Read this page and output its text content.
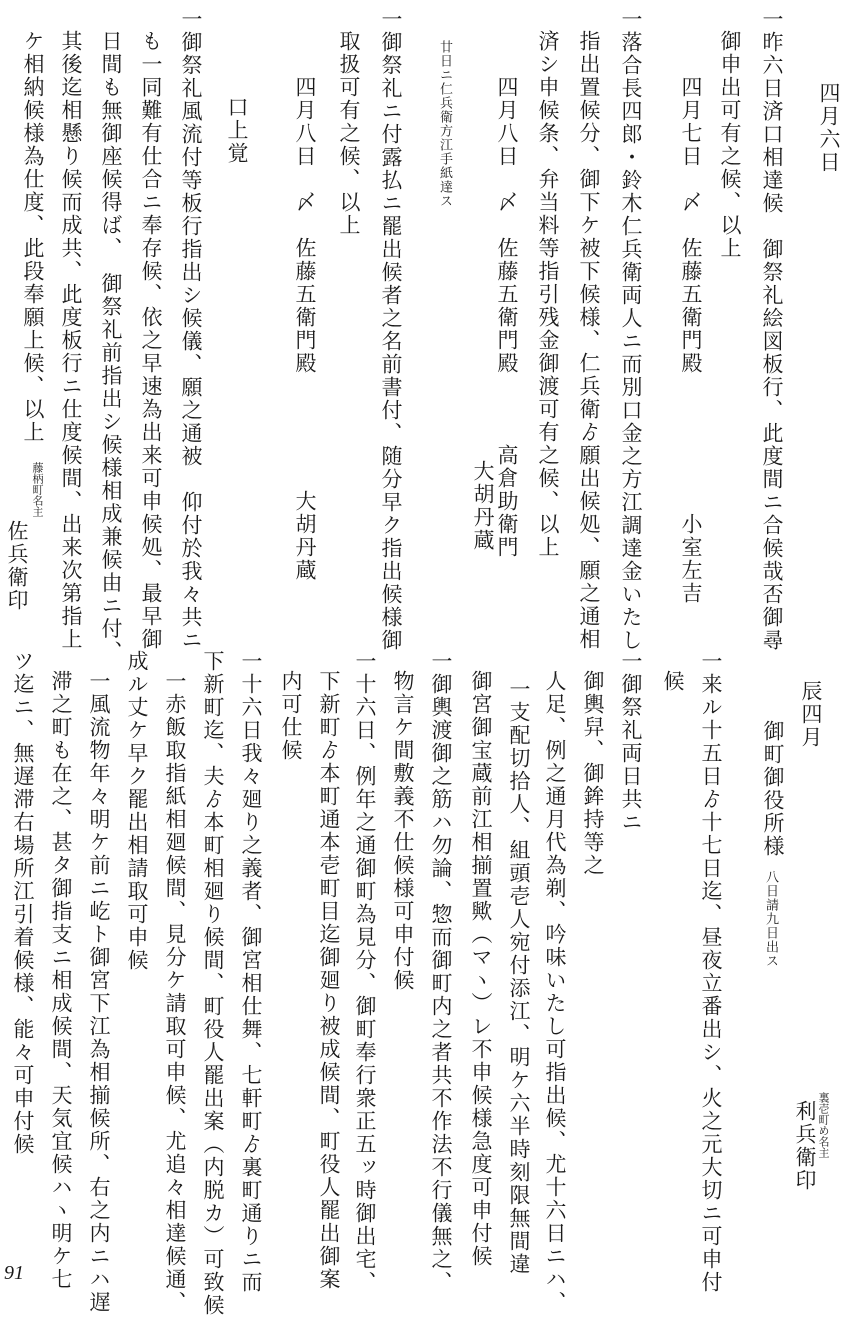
四月六日
一昨六日済口相達候　御祭礼絵図板行、此度間ニ合候哉否御尋
御申出可有之候、以上
四月七日　〆　佐藤五衛門殿　　　　　　小室左吉
一落合長四郎・鈴木仁兵衛両人ニ而別口金之方江調達金いたし
指出置候分、御下ケ被下候様、仁兵衛ゟ願出候処、願之通相
済シ申候条、弁当料等指引残金御渡可有之候、以上
四月八日　〆　佐藤五衛門殿　　　高倉助衛門
大胡丹蔵
廿日ニ仁兵衛方江手紙達ス
一御祭礼ニ付露払ニ罷出候者之名前書付、随分早ク指出候様御
取扱可有之候、以上
四月八日　〆　佐藤五衛門殿　　　　　大胡丹蔵
口上覚
一御祭礼風流付等板行指出シ候儀、願之通被　仰付於我々共ニ
も一同難有仕合ニ奉存候、依之早速為出来可申候処、最早御
日間も無御座候得ば、　御祭礼前指出シ候様相成兼候由ニ付、
其後迄相懸り候而成共、此度板行ニ仕度候間、出来次第指上
ケ相納候様為仕度、此段奉願上候、以上
藤柄町名主
佐兵衛印
裏壱町め名主
利兵衛印
辰四月
御町御役所様
八日請九日出ス
一来ル十五日ゟ十七日迄、昼夜立番出シ、火之元大切ニ可申付
候
一御祭礼両日共ニ
御輿舁、御鉾持等之
人足、例之通月代為剃、吟味いたし可指出候、尤十六日ニハ、
一支配切拾人、組頭壱人宛付添江、明ケ六半時刻限無間違
御宮御宝蔵前江相揃置歟（マヽ）レ不申候様急度可申付候
一御輿渡御之筋ハ勿論、惣而御町内之者共不作法不行儀無之、
物言ケ間敷義不仕候様可申付候
一十六日、例年之通御町為見分、御町奉行衆正五ッ時御出宅、
下新町ゟ本町通本壱町目迄御廻り被成候間、町役人罷出御案
内可仕候
一十六日我々廻り之義者、御宮相仕舞、七軒町ゟ裏町通りニ而
下新町迄、夫ゟ本町相廻り候間、町役人罷出案（内脱カ）可致候
一赤飯取指紙相廻候間、見分ケ請取可申候、尤追々相達候通、
成ル丈ケ早ク罷出相請取可申候
一風流物年々明ケ前ニ屹ト御宮下江為相揃候所、右之内ニハ遅
滞之町も在之、甚タ御指支ニ相成候間、天気宜候ハヽ明ケ七
ツ迄ニ、無遅滞右場所江引着候様、能々可申付候
91
